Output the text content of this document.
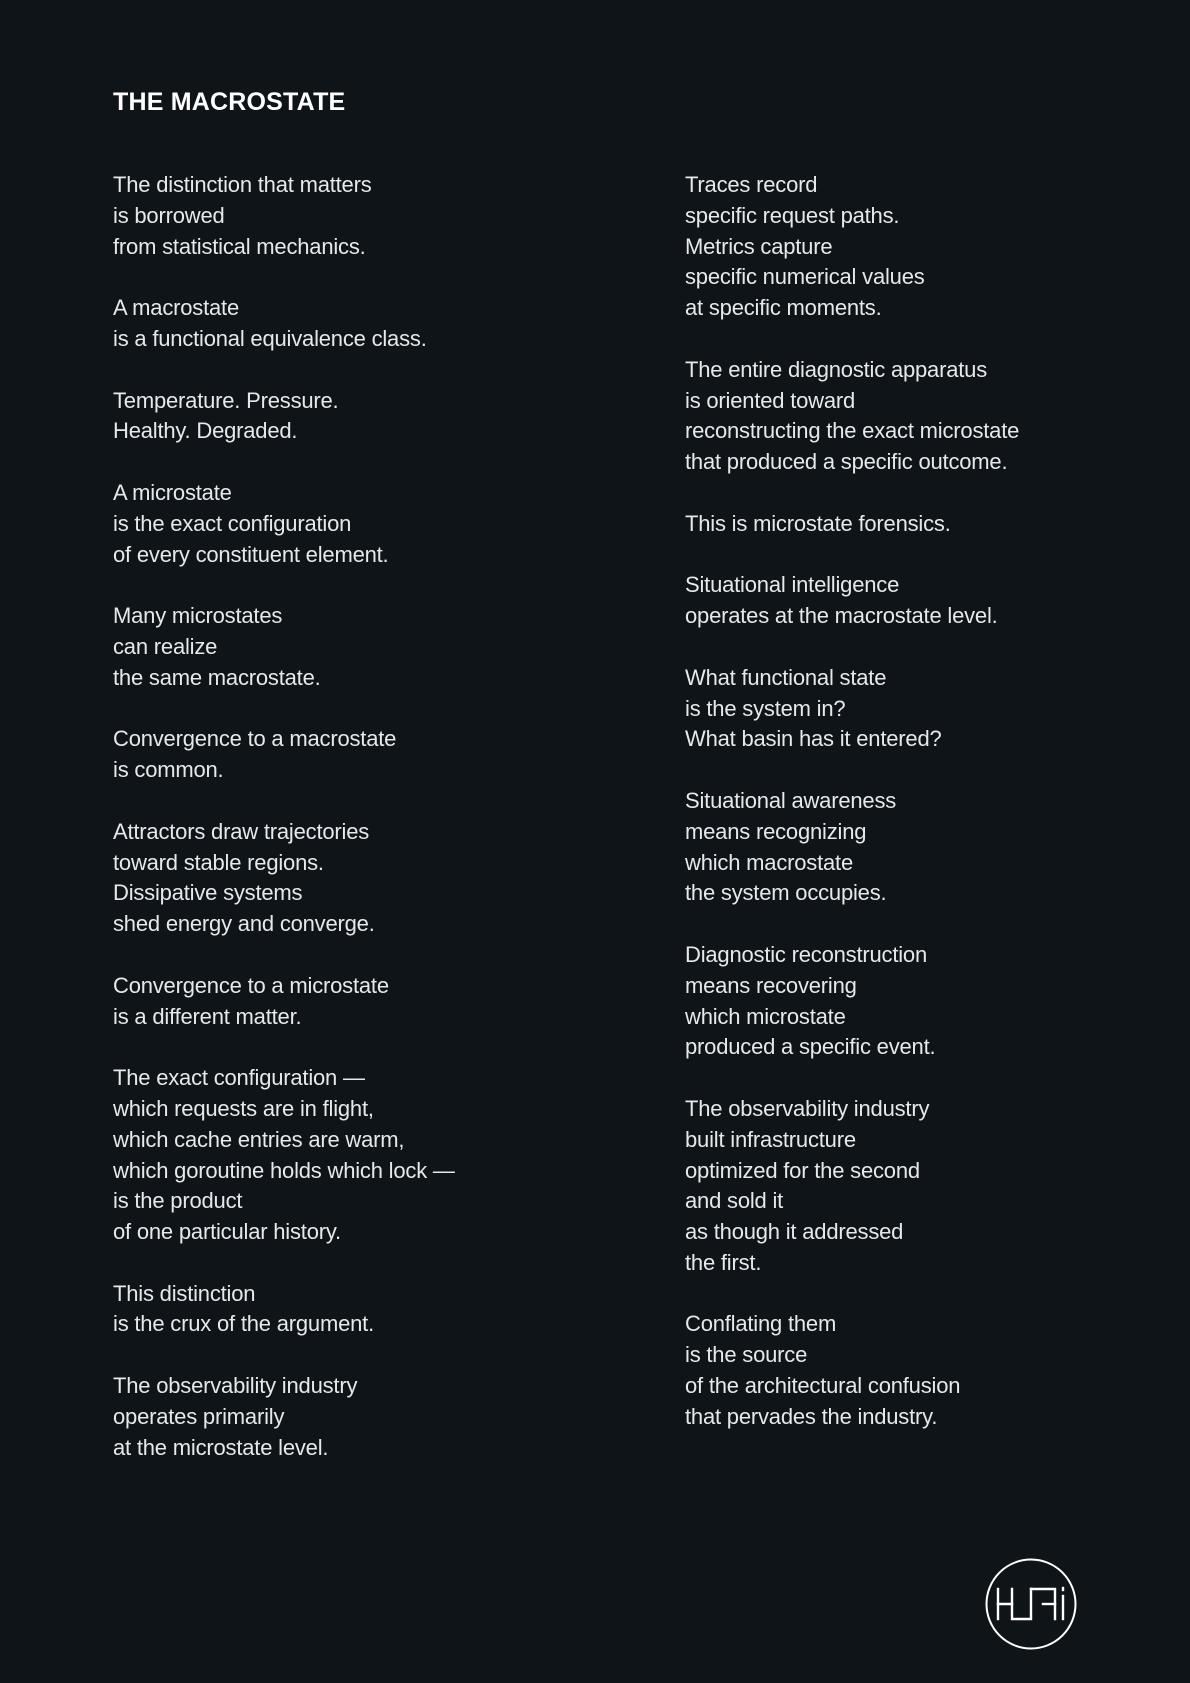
THE MACROSTATE

The distinction that matters
is borrowed
from statistical mechanics.

A macrostate
is a functional equivalence class.

Temperature. Pressure.
Healthy. Degraded.

A microstate
is the exact configuration
of every constituent element.

Many microstates
can realize
the same macrostate.

Convergence to a macrostate
is common.

Attractors draw trajectories
toward stable regions.
Dissipative systems
shed energy and converge.

Convergence to a microstate
is a different matter.

The exact configuration —
which requests are in flight,
which cache entries are warm,
which goroutine holds which lock —
is the product
of one particular history.

This distinction
is the crux of the argument.

The observability industry
operates primarily
at the microstate level.

Traces record
specific request paths.
Metrics capture
specific numerical values
at specific moments.

The entire diagnostic apparatus
is oriented toward
reconstructing the exact microstate
that produced a specific outcome.

This is microstate forensics.

Situational intelligence
operates at the macrostate level.

What functional state
is the system in?
What basin has it entered?

Situational awareness
means recognizing
which macrostate
the system occupies.

Diagnostic reconstruction
means recovering
which microstate
produced a specific event.

The observability industry
built infrastructure
optimized for the second
and sold it
as though it addressed
the first.

Conflating them
is the source
of the architectural confusion
that pervades the industry.
